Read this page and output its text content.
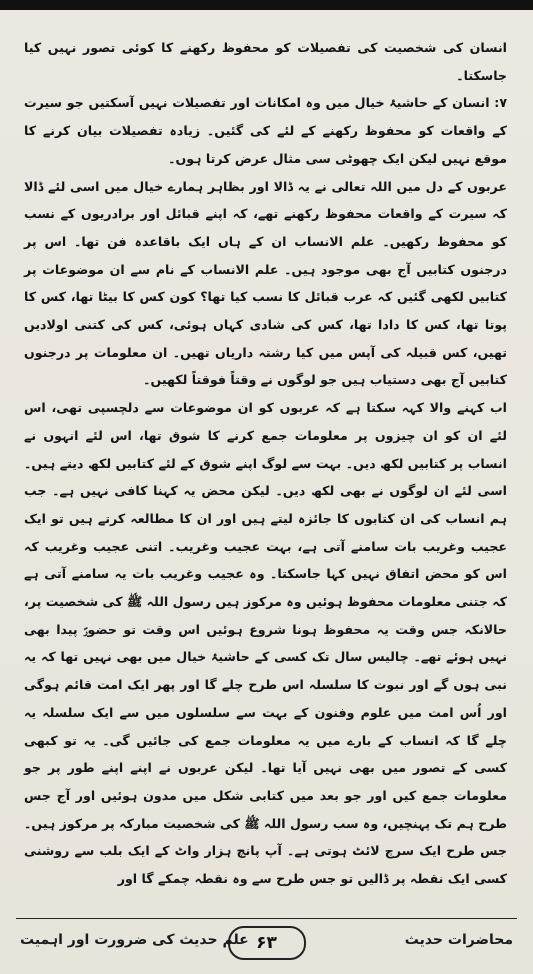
انسان کی شخصیت کی تفصیلات کو محفوظ رکھنے کا کوئی تصور نہیں کیا جاسکتا۔

۷: انسان کے حاشیۂ خیال میں وہ امکانات اور تفصیلات نہیں آسکتیں جو سیرت کے واقعات کو محفوظ رکھنے کے لئے کی گئیں۔ زیادہ تفصیلات بیان کرنے کا موقع نہیں لیکن ایک چھوٹی سی مثال عرض کرتا ہوں۔

عربوں کے دل میں اللہ تعالی نے یہ ڈالا اور بظاہر ہمارے خیال میں اسی لئے ڈالا کہ سیرت کے واقعات محفوظ رکھنے تھے، کہ اپنے قبائل اور برادریوں کے نسب کو محفوظ رکھیں۔ علم الانساب ان کے ہاں ایک باقاعدہ فن تھا۔ اس پر درجنوں کتابیں آج بھی موجود ہیں۔ علم الانساب کے نام سے ان موضوعات پر کتابیں لکھی گئیں کہ عرب قبائل کا نسب کیا تھا؟ کون کس کا بیٹا تھا، کس کا پوتا تھا، کس کا دادا تھا، کس کی شادی کہاں ہوئی، کس کی کتنی اولادیں تھیں، کس قبیلہ کی آپس میں کیا رشتہ داریاں تھیں۔ ان معلومات پر درجنوں کتابیں آج بھی دستیاب ہیں جو لوگوں نے وقتاً فوقتاً لکھیں۔

اب کہنے والا کہہ سکتا ہے کہ عربوں کو ان موضوعات سے دلچسپی تھی، اس لئے ان کو ان چیزوں پر معلومات جمع کرنے کا شوق تھا، اس لئے انہوں نے انساب پر کتابیں لکھ دیں۔ بہت سے لوگ اپنے شوق کے لئے کتابیں لکھ دیتے ہیں۔ اسی لئے ان لوگوں نے بھی لکھ دیں۔ لیکن محض یہ کہنا کافی نہیں ہے۔ جب ہم انساب کی ان کتابوں کا جائزہ لیتے ہیں اور ان کا مطالعہ کرتے ہیں تو ایک عجیب وغریب بات سامنے آتی ہے، بہت عجیب وغریب۔ اتنی عجیب وغریب کہ اس کو محض اتفاق نہیں کہا جاسکتا۔ وہ عجیب وغریب بات یہ سامنے آتی ہے کہ جتنی معلومات محفوظ ہوئیں وہ مرکوز ہیں رسول اللہ ﷺ کی شخصیت پر، حالانکہ جس وقت یہ محفوظ ہونا شروع ہوئیں اس وقت تو حضورؐ پیدا بھی نہیں ہوئے تھے۔ چالیس سال تک کسی کے حاشیۂ خیال میں بھی نہیں تھا کہ یہ نبی ہوں گے اور نبوت کا سلسلہ اس طرح چلے گا اور پھر ایک امت قائم ہوگی اور اُس امت میں علوم وفنون کے بہت سے سلسلوں میں سے ایک سلسلہ یہ چلے گا کہ انساب کے بارے میں یہ معلومات جمع کی جائیں گی۔ یہ تو کبھی کسی کے تصور میں بھی نہیں آیا تھا۔ لیکن عربوں نے اپنے اپنے طور پر جو معلومات جمع کیں اور جو بعد میں کتابی شکل میں مدون ہوئیں اور آج جس طرح ہم تک پہنچیں، وہ سب رسول اللہ ﷺ کی شخصیت مبارکہ پر مرکوز ہیں۔ جس طرح ایک سرچ لائٹ ہوتی ہے۔ آپ پانچ ہزار واٹ کے ایک بلب سے روشنی کسی ایک نقطہ پر ڈالیں تو جس طرح سے وہ نقطہ چمکے گا اور

محاضرات حدیث
۶۳
علم حدیث کی ضرورت اور اہمیت
